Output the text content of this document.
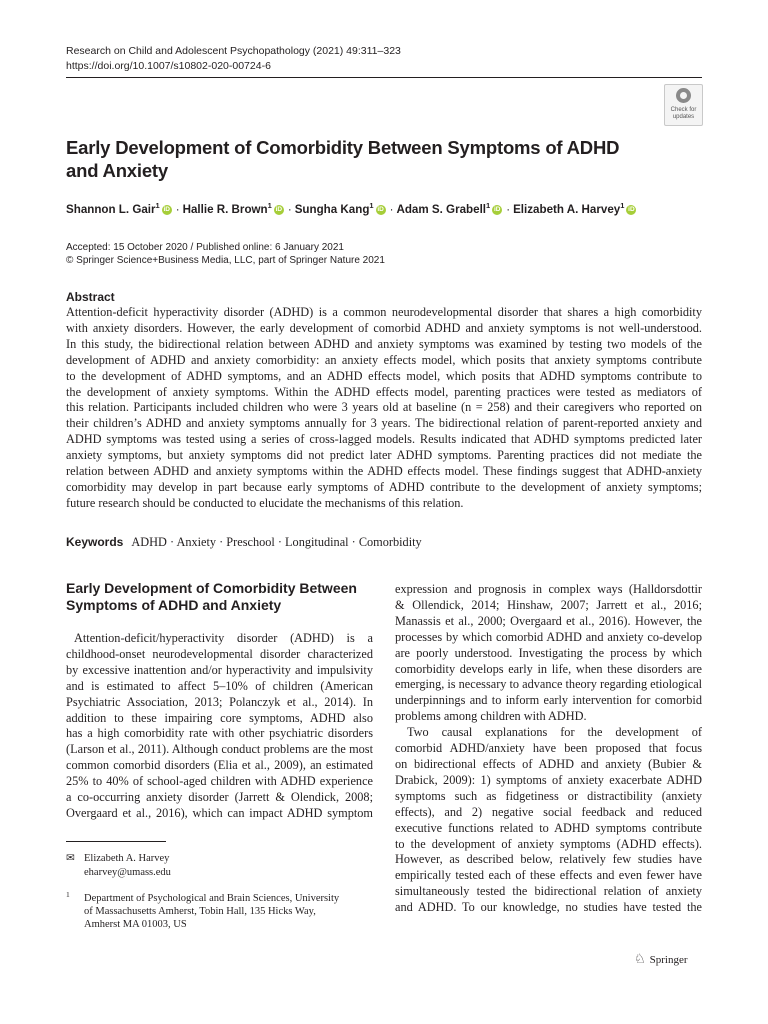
Research on Child and Adolescent Psychopathology (2021) 49:311–323
https://doi.org/10.1007/s10802-020-00724-6
Check for
updates
Early Development of Comorbidity Between Symptoms of ADHD
and Anxiety
Shannon L. Gair$^1$ iD · Hallie R. Brown$^1$ iD · Sungha Kang$^1$ iD · Adam S. Grabell$^1$ iD · Elizabeth A. Harvey$^1$ iD
Accepted: 15 October 2020 / Published online: 6 January 2021
© Springer Science+Business Media, LLC, part of Springer Nature 2021
Abstract
Attention-deficit hyperactivity disorder (ADHD) is a common neurodevelopmental disorder that shares a high comorbidity
with anxiety disorders. However, the early development of comorbid ADHD and anxiety symptoms is not well-understood.
In this study, the bidirectional relation between ADHD and anxiety symptoms was examined by testing two models of the
development of ADHD and anxiety comorbidity: an anxiety effects model, which posits that anxiety symptoms contribute
to the development of ADHD symptoms, and an ADHD effects model, which posits that ADHD symptoms contribute to
the development of anxiety symptoms. Within the ADHD effects model, parenting practices were tested as mediators of
this relation. Participants included children who were 3 years old at baseline (n = 258) and their caregivers who reported on
their children’s ADHD and anxiety symptoms annually for 3 years. The bidirectional relation of parent-reported anxiety and
ADHD symptoms was tested using a series of cross-lagged models. Results indicated that ADHD symptoms predicted later
anxiety symptoms, but anxiety symptoms did not predict later ADHD symptoms. Parenting practices did not mediate the
relation between ADHD and anxiety symptoms within the ADHD effects model. These findings suggest that ADHD-anxiety
comorbidity may develop in part because early symptoms of ADHD contribute to the development of anxiety symptoms;
future research should be conducted to elucidate the mechanisms of this relation.
Keywords ADHD · Anxiety · Preschool · Longitudinal · Comorbidity
Early Development of Comorbidity Between
Symptoms of ADHD and Anxiety
Attention-deficit/hyperactivity disorder (ADHD) is a
childhood-onset neurodevelopmental disorder characterized
by excessive inattention and/or hyperactivity and impulsivity
and is estimated to affect 5–10% of children (American
Psychiatric Association, 2013; Polanczyk et al., 2014). In
addition to these impairing core symptoms, ADHD also
has a high comorbidity rate with other psychiatric disorders
(Larson et al., 2011). Although conduct problems are the most
common comorbid disorders (Elia et al., 2009), an estimated
25% to 40% of school-aged children with ADHD experience
a co-occurring anxiety disorder (Jarrett & Olendick, 2008;
Overgaard et al., 2016), which can impact ADHD symptom
✉ Elizabeth A. Harvey
eharvey@umass.edu
1 Department of Psychological and Brain Sciences, University
of Massachusetts Amherst, Tobin Hall, 135 Hicks Way,
Amherst MA 01003, US
expression and prognosis in complex ways (Halldorsdottir
& Ollendick, 2014; Hinshaw, 2007; Jarrett et al., 2016;
Manassis et al., 2000; Overgaard et al., 2016). However, the
processes by which comorbid ADHD and anxiety co-develop
are poorly understood. Investigating the process by which
comorbidity develops early in life, when these disorders are
emerging, is necessary to advance theory regarding etiological
underpinnings and to inform early intervention for comorbid
problems among children with ADHD.
Two causal explanations for the development of
comorbid ADHD/anxiety have been proposed that focus
on bidirectional effects of ADHD and anxiety (Bubier &
Drabick, 2009): 1) symptoms of anxiety exacerbate ADHD
symptoms such as fidgetiness or distractibility (anxiety
effects), and 2) negative social feedback and reduced
executive functions related to ADHD symptoms contribute
to the development of anxiety symptoms (ADHD effects).
However, as described below, relatively few studies have
empirically tested each of these effects and even fewer have
simultaneously tested the bidirectional relation of anxiety
and ADHD. To our knowledge, no studies have tested the
♘ Springer
